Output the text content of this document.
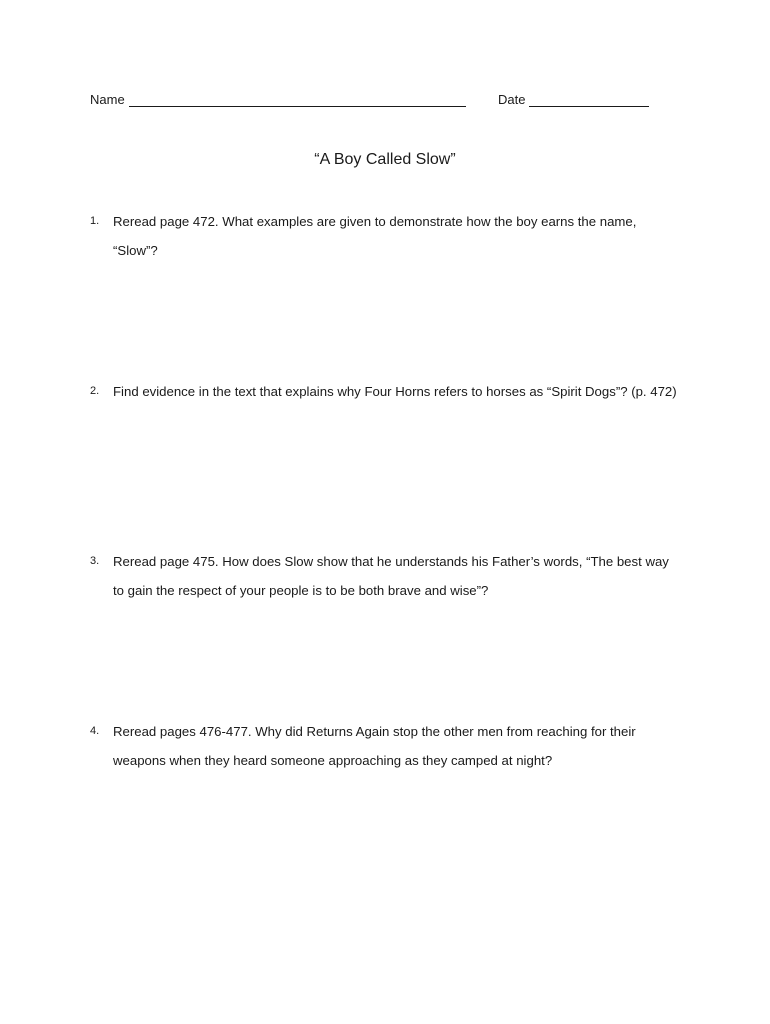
Name	Date
“A Boy Called Slow”
1. Reread page 472. What examples are given to demonstrate how the boy earns the name, “Slow”?
2. Find evidence in the text that explains why Four Horns refers to horses as “Spirit Dogs”? (p. 472)
3. Reread page 475. How does Slow show that he understands his Father’s words, “The best way to gain the respect of your people is to be both brave and wise”?
4. Reread pages 476-477. Why did Returns Again stop the other men from reaching for their weapons when they heard someone approaching as they camped at night?
